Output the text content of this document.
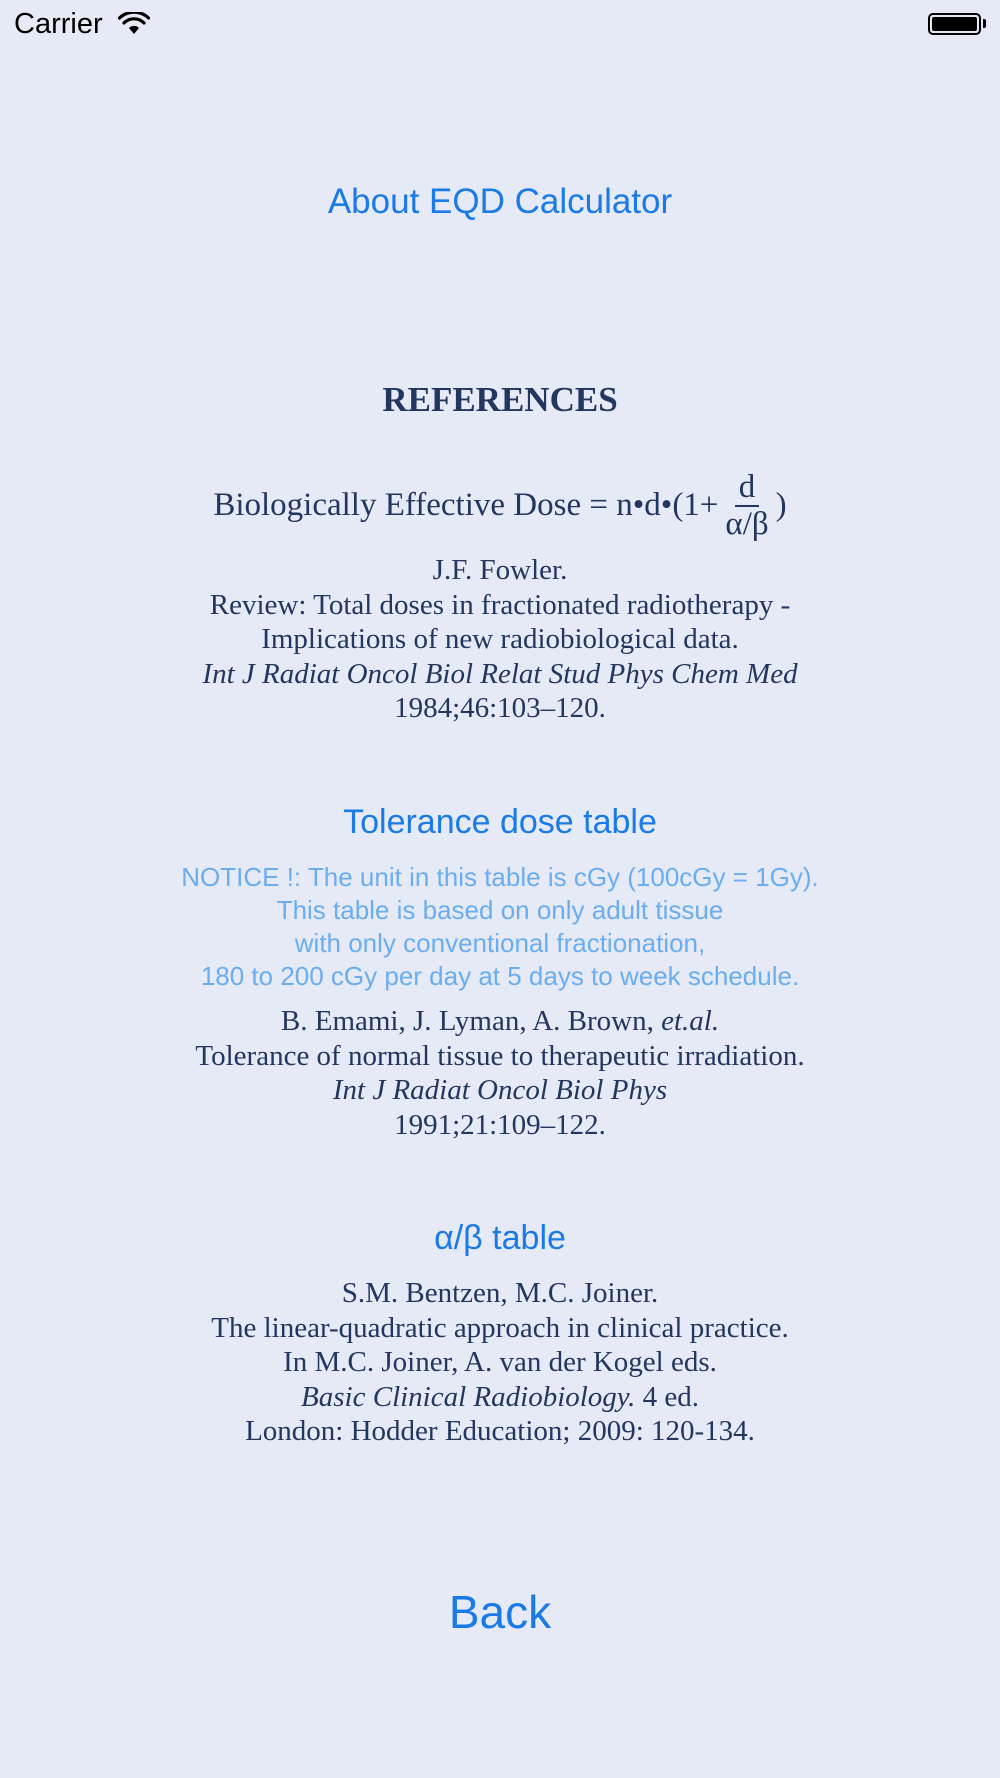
Carrier
About EQD Calculator
REFERENCES
Biologically Effective Dose = n•d•(1+ $\frac{d}{\alpha/\beta}$ )
J.F. Fowler.
Review: Total doses in fractionated radiotherapy -
Implications of new radiobiological data.
Int J Radiat Oncol Biol Relat Stud Phys Chem Med
1984;46:103–120.
Tolerance dose table
NOTICE !: The unit in this table is cGy (100cGy = 1Gy).
This table is based on only adult tissue
with only conventional fractionation,
180 to 200 cGy per day at 5 days to week schedule.
B. Emami, J. Lyman, A. Brown, et.al.
Tolerance of normal tissue to therapeutic irradiation.
Int J Radiat Oncol Biol Phys
1991;21:109–122.
α/β table
S.M. Bentzen, M.C. Joiner.
The linear-quadratic approach in clinical practice.
In M.C. Joiner, A. van der Kogel eds.
Basic Clinical Radiobiology. 4 ed.
London: Hodder Education; 2009: 120-134.
Back
